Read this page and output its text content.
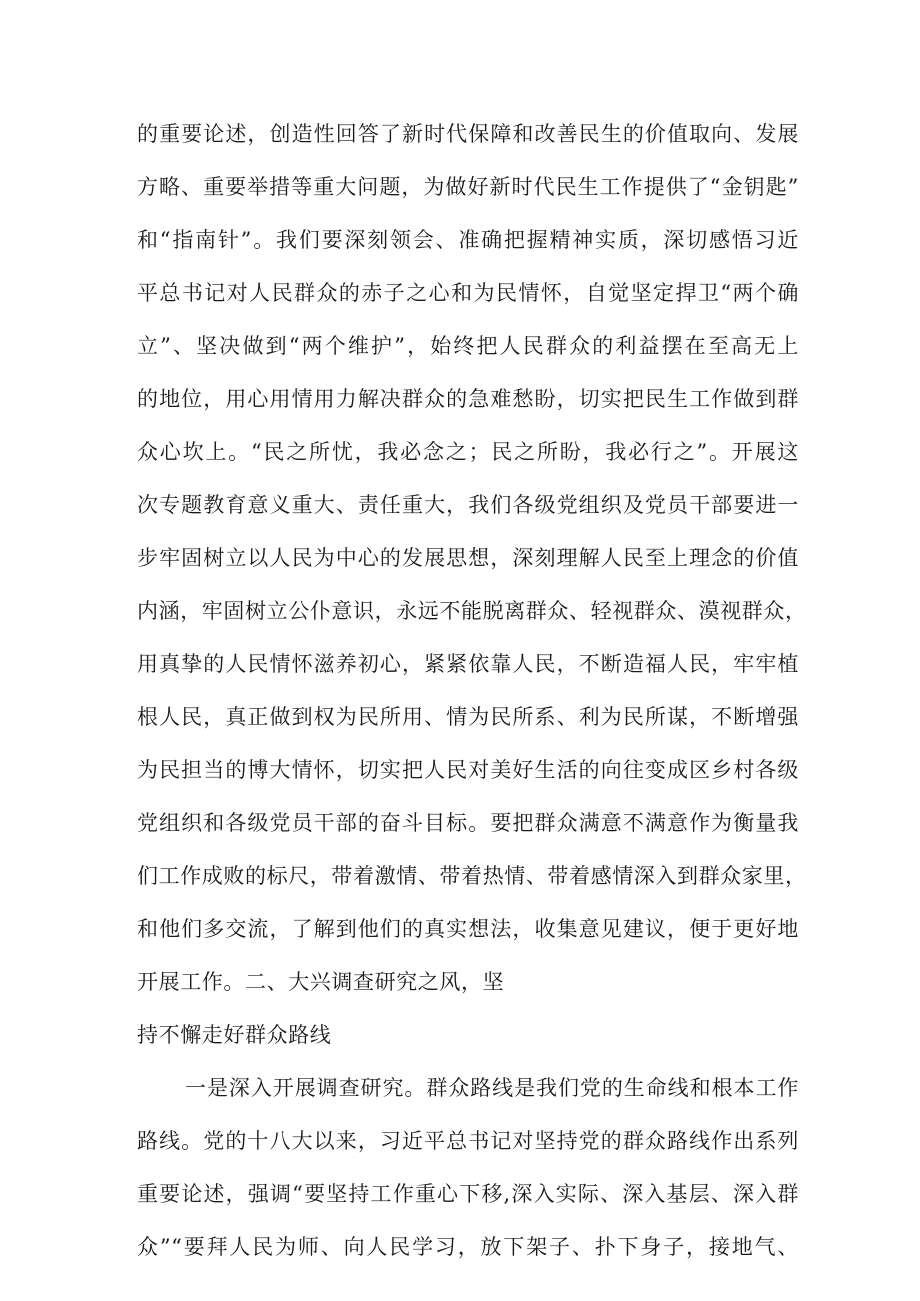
的重要论述，创造性回答了新时代保障和改善民生的价值取向、发展
方略、重要举措等重大问题，为做好新时代民生工作提供了“金钥匙”
和“指南针”。我们要深刻领会、准确把握精神实质，深切感悟习近
平总书记对人民群众的赤子之心和为民情怀，自觉坚定捍卫“两个确
立”、坚决做到“两个维护”，始终把人民群众的利益摆在至高无上
的地位，用心用情用力解决群众的急难愁盼，切实把民生工作做到群
众心坎上。“民之所忧，我必念之；民之所盼，我必行之”。开展这
次专题教育意义重大、责任重大，我们各级党组织及党员干部要进一
步牢固树立以人民为中心的发展思想，深刻理解人民至上理念的价值
内涵，牢固树立公仆意识，永远不能脱离群众、轻视群众、漠视群众，
用真挚的人民情怀滋养初心，紧紧依靠人民，不断造福人民，牢牢植
根人民，真正做到权为民所用、情为民所系、利为民所谋，不断增强
为民担当的博大情怀，切实把人民对美好生活的向往变成区乡村各级
党组织和各级党员干部的奋斗目标。要把群众满意不满意作为衡量我
们工作成败的标尺，带着激情、带着热情、带着感情深入到群众家里，
和他们多交流，了解到他们的真实想法，收集意见建议，便于更好地
开展工作。二、大兴调查研究之风，坚
持不懈走好群众路线
一是深入开展调查研究。群众路线是我们党的生命线和根本工作
路线。党的十八大以来，习近平总书记对坚持党的群众路线作出系列
重要论述，强调“要坚持工作重心下移,深入实际、深入基层、深入群
众”“要拜人民为师、向人民学习，放下架子、扑下身子，接地气、
